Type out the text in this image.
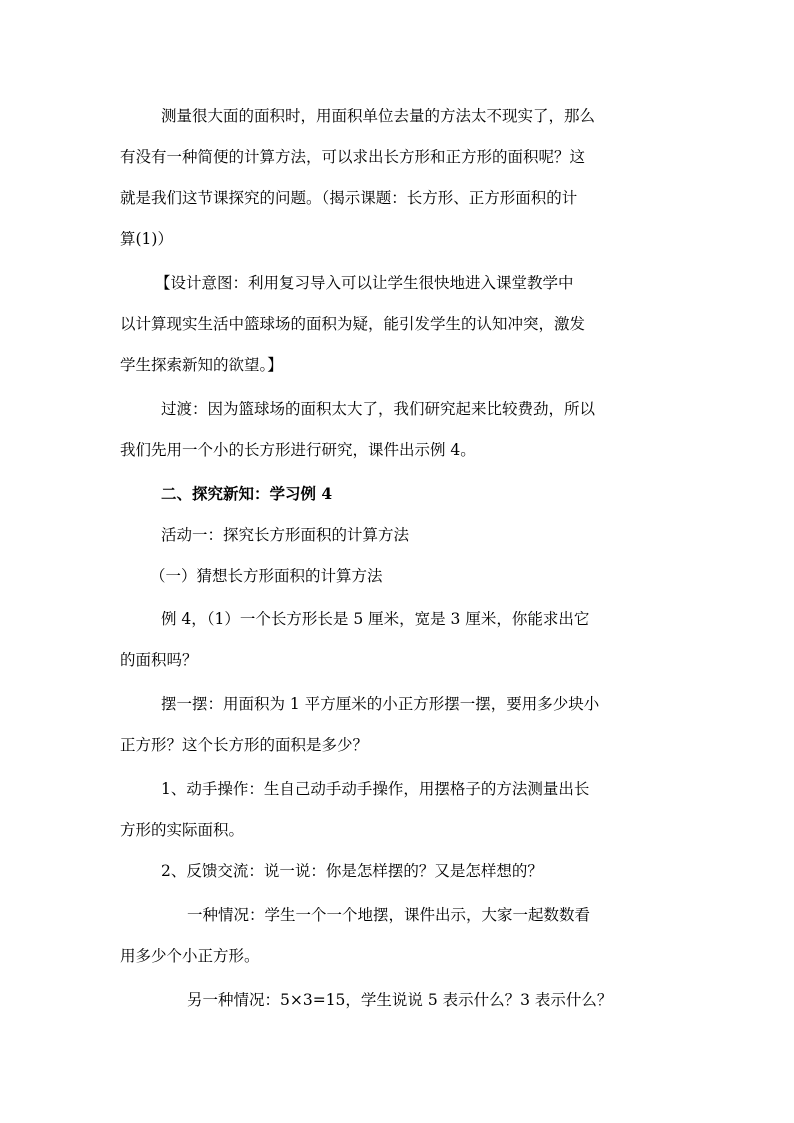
测量很大面的面积时，用面积单位去量的方法太不现实了，那么
有没有一种简便的计算方法，可以求出长方形和正方形的面积呢？这
就是我们这节课探究的问题。（揭示课题：长方形、正方形面积的计
算(1)）
【设计意图：利用复习导入可以让学生很快地进入课堂教学中
以计算现实生活中篮球场的面积为疑，能引发学生的认知冲突，激发
学生探索新知的欲望。】
过渡：因为篮球场的面积太大了，我们研究起来比较费劲，所以
我们先用一个小的长方形进行研究，课件出示例 4。
二、探究新知：学习例 4
活动一：探究长方形面积的计算方法
（一）猜想长方形面积的计算方法
例 4，（1）一个长方形长是 5 厘米，宽是 3 厘米，你能求出它
的面积吗？
摆一摆：用面积为 1 平方厘米的小正方形摆一摆，要用多少块小
正方形？这个长方形的面积是多少？
1、动手操作：生自己动手动手操作，用摆格子的方法测量出长
方形的实际面积。
2、反馈交流：说一说：你是怎样摆的？又是怎样想的？
一种情况：学生一个一个地摆，课件出示，大家一起数数看
用多少个小正方形。
另一种情况：5×3=15，学生说说 5 表示什么？3 表示什么？
